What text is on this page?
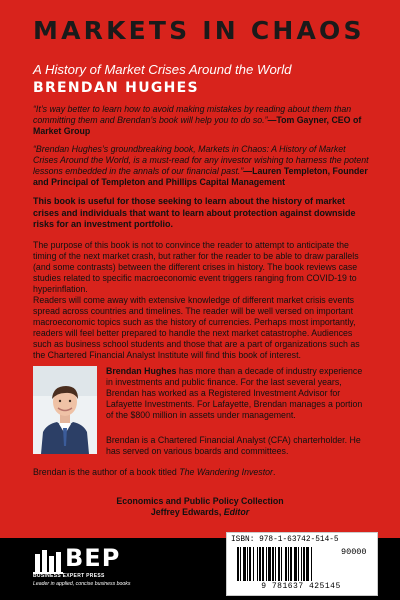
MARKETS IN CHAOS
A History of Market Crises Around the World
BRENDAN HUGHES
“It’s way better to learn how to avoid making mistakes by reading about them than committing them and Brendan’s book will help you to do so.”—Tom Gayner, CEO of Market Group
“Brendan Hughes’s groundbreaking book, Markets in Chaos: A History of Market Crises Around the World, is a must-read for any investor wishing to harness the potent lessons embedded in the annals of our financial past.”—Lauren Templeton, Founder and Principal of Templeton and Phillips Capital Management
This book is useful for those seeking to learn about the history of market crises and individuals that want to learn about protection against downside risks for an investment portfolio.
The purpose of this book is not to convince the reader to attempt to anticipate the timing of the next market crash, but rather for the reader to be able to draw parallels (and some contrasts) between the different crises in history. The book reviews case studies related to specific macroeconomic event triggers ranging from COVID-19 to hyperinflation.
Readers will come away with extensive knowledge of different market crisis events spread across countries and timelines. The reader will be well versed on important macroeconomic topics such as the history of currencies. Perhaps most importantly, readers will feel better prepared to handle the next market catastrophe. Audiences such as business school students and those that are a part of organizations such as the Chartered Financial Analyst Institute will find this book of interest.
Brendan Hughes has more than a decade of industry experience in investments and public finance. For the last several years, Brendan has worked as a Registered Investment Advisor for Lafayette Investments. For Lafayette, Brendan manages a portion of the $800 million in assets under management.
Brendan is a Chartered Financial Analyst (CFA) charterholder. He has served on various boards and committees.
Brendan is the author of a book titled The Wandering Investor.
Economics and Public Policy Collection
Jeffrey Edwards, Editor
BEP
BUSINESS EXPERT PRESS
Leader in applied, concise business books
ISBN: 978-1-63742-514-5
90000
9 781637 425145
